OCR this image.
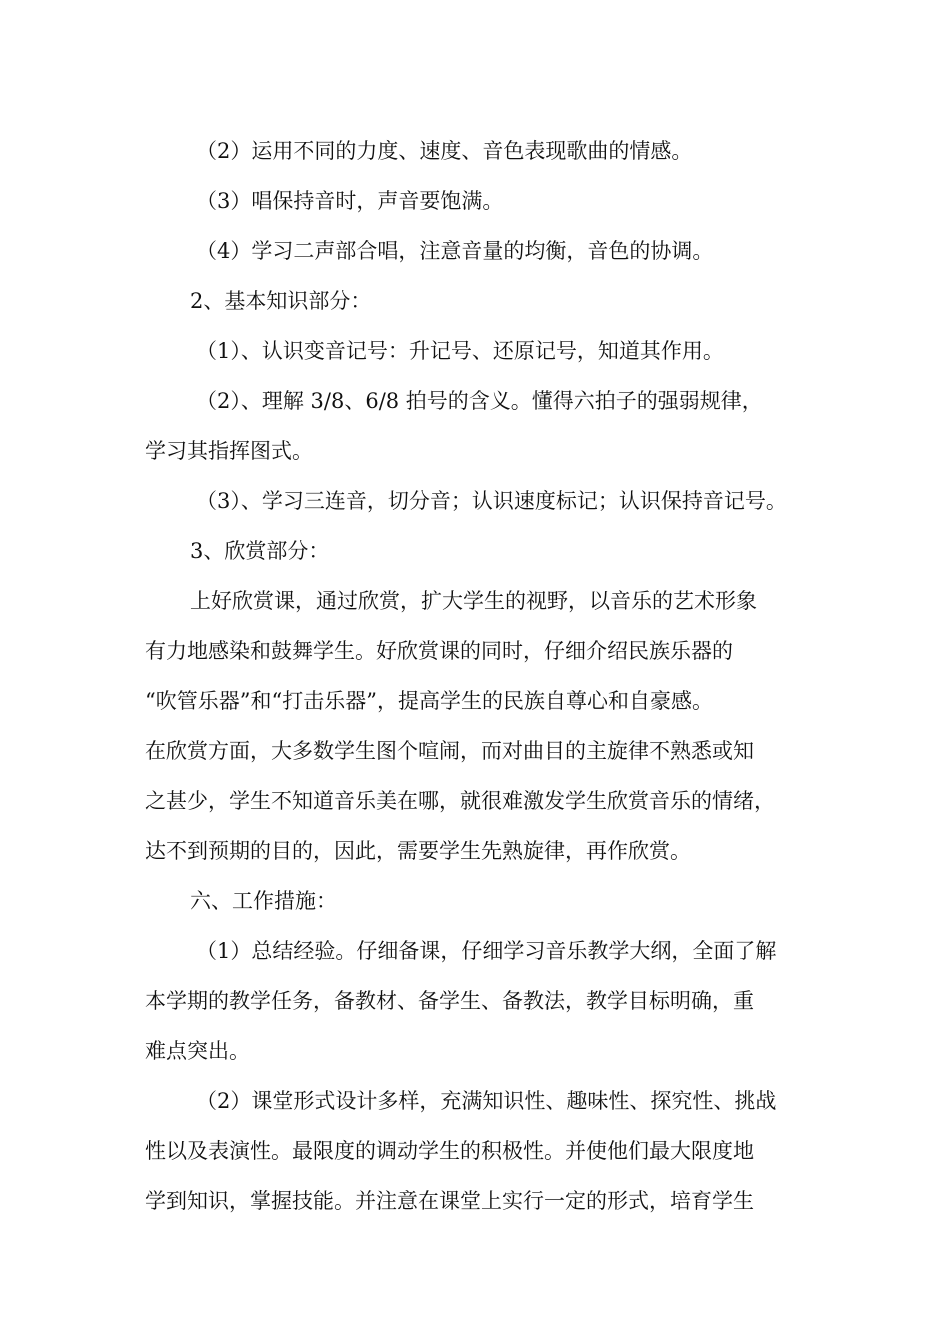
（2）运用不同的力度、速度、音色表现歌曲的情感。
（3）唱保持音时，声音要饱满。
（4）学习二声部合唱，注意音量的均衡，音色的协调。
2、基本知识部分：
（1）、认识变音记号：升记号、还原记号，知道其作用。
（2）、理解 3/8、6/8 拍号的含义。懂得六拍子的强弱规律，
学习其指挥图式。
（3）、学习三连音，切分音；认识速度标记；认识保持音记号。
3、欣赏部分：
上好欣赏课，通过欣赏，扩大学生的视野，以音乐的艺术形象
有力地感染和鼓舞学生。好欣赏课的同时，仔细介绍民族乐器的
“吹管乐器”和“打击乐器”，提高学生的民族自尊心和自豪感。
在欣赏方面，大多数学生图个喧闹，而对曲目的主旋律不熟悉或知
之甚少，学生不知道音乐美在哪，就很难激发学生欣赏音乐的情绪，
达不到预期的目的，因此，需要学生先熟旋律，再作欣赏。
六、工作措施：
（1）总结经验。仔细备课，仔细学习音乐教学大纲，全面了解
本学期的教学任务，备教材、备学生、备教法，教学目标明确，重
难点突出。
（2）课堂形式设计多样，充满知识性、趣味性、探究性、挑战
性以及表演性。最限度的调动学生的积极性。并使他们最大限度地
学到知识，掌握技能。并注意在课堂上实行一定的形式，培育学生
